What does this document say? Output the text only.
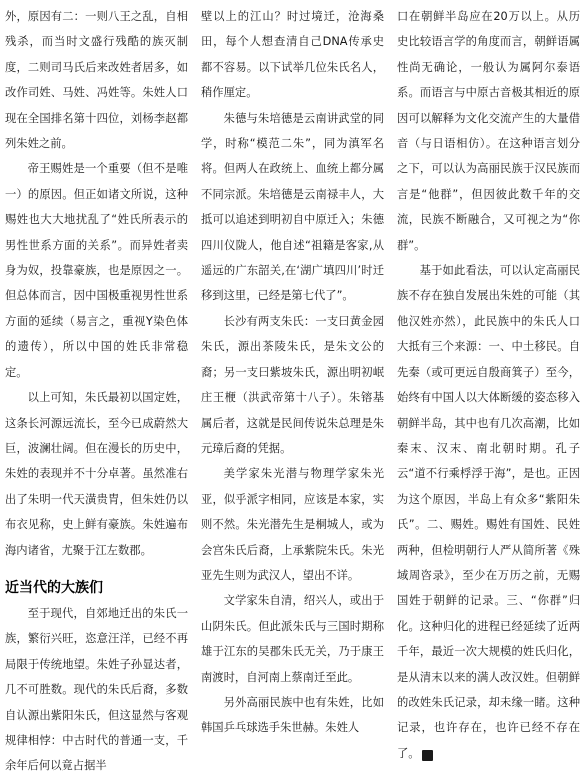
外，原因有二：一则八王之乱，自相残杀，而当时文盛行残酷的族灭制度，二则司马氏后来改姓者居多，如改作司姓、马姓、冯姓等。朱姓人口现在全国排名第十四位，刘杨李赵都列朱姓之前。

帝王赐姓是一个重要（但不是唯一）的原因。但正如诸文所说，这种赐姓也大大地扰乱了“姓氏所表示的男性世系方面的关系”。而异姓者卖身为奴，投靠豪族，也是原因之一。但总体而言，因中国极重视男性世系方面的延续（易言之，重视Y染色体的遗传），所以中国的姓氏非常稳定。

以上可知，朱氏最初以国定姓，这条长河源远流长，至今已成蔚然大巨，波澜壮阔。但在漫长的历史中，朱姓的表现并不十分卓著。虽然准右出了朱明一代天潢贵胄，但朱姓仍以布衣见称，史上鲜有豪族。朱姓遍布海内诸省，尤聚于江左数郡。

近当代的大族们

至于现代，自郊地迁出的朱氏一族，繁衍兴旺，恣意汪洋，已经不再局限于传统地望。朱姓子孙显达者，几不可胜数。现代的朱氏后裔，多数自认源出紫阳朱氏，但这显然与客观规律相悖：中古时代的普通一支，千余年后何以竟占据半

壁以上的江山？时过境迁，沧海桑田，每个人想查清自己DNA传承史都不容易。以下试举几位朱氏名人，稍作厘定。

朱德与朱培德是云南讲武堂的同学，时称“模范二朱”，同为滇军名将。但两人在政统上、血统上都分属不同宗派。朱培德是云南禄丰人，大抵可以追述到明初自中原迁入；朱德四川仪陇人，他自述“祖籍是客家,从遥远的广东韶关,在‘湖广填四川’时迁移到这里，已经是第七代了”。

长沙有两支朱氏：一支曰黄金园朱氏，源出茶陵朱氏，是朱文公的裔；另一支曰紫坡朱氏，源出明初岷庄王楩（洪武帝第十八子）。朱镕基属后者，这就是民间传说朱总理是朱元璋后裔的凭据。

美学家朱光潜与物理学家朱光亚，似乎派字相同，应该是本家，实则不然。朱光潜先生是桐城人，或为会宫朱氏后裔，上承紫院朱氏。朱光亚先生则为武汉人，望出不详。

文学家朱自清，绍兴人，或出于山阴朱氏。但此派朱氏与三国时期称雄于江东的吴郡朱氏无关，乃于康王南渡时，自河南上蔡南迁至此。

另外高丽民族中也有朱姓，比如韩国乒乓球选手朱世赫。朱姓人

口在朝鲜半岛应在20万以上。从历史比较语言学的角度而言，朝鲜语属性尚无确论，一般认为属阿尔泰语系。而语言与中原古音极其相近的原因可以解释为文化交流产生的大量借音（与日语相仿）。在这种语言划分之下，可以认为高丽民族于汉民族而言是“他群”，但因彼此数千年的交流，民族不断融合，又可视之为“你群”。

基于如此看法，可以认定高丽民族不存在独自发展出朱姓的可能（其他汉姓亦然），此民族中的朱氏人口大抵有三个来源：一、中土移民。自先秦（或可更远自殷商箕子）至今，始终有中国人以大体断缓的姿态移入朝鲜半岛，其中也有几次高潮，比如秦末、汉末、南北朝时期。孔子云“道不行乘桴浮于海”，是也。正因为这个原因，半岛上有众多“紫阳朱氏”。二、赐姓。赐姓有国姓、民姓两种，但检明朝行人严从简所著《殊域周咨录》，至少在万历之前，无赐国姓于朝鲜的记录。三、“你群”归化。这种归化的进程已经延续了近两千年，最近一次大规模的姓氏归化，是从清末以来的满人改汉姓。但朝鲜的改姓朱氏记录，却未缘一睹。这种记录，也许存在，也许已经不存在了。	■
